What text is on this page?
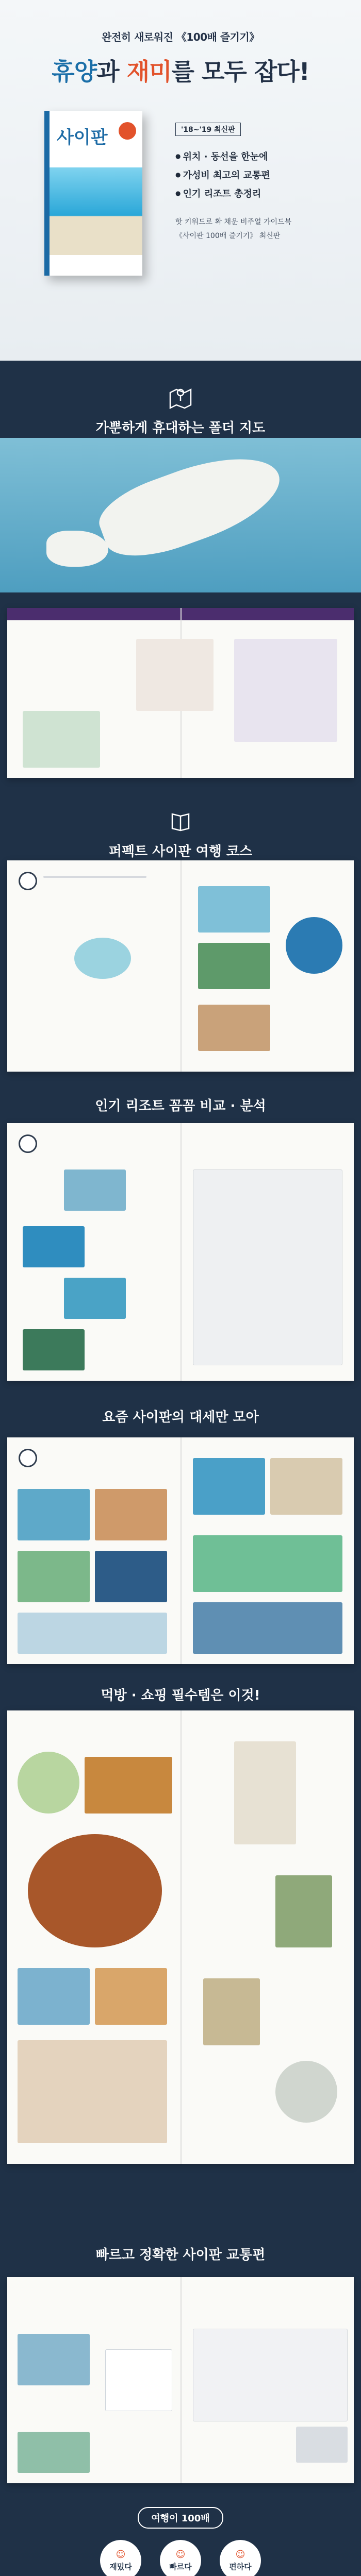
완전히 새로워진 《100배 즐기기》
휴양과 재미를 모두 잡다!
사이판	'18~'19 최신판
● 위치 · 동선을 한눈에
● 가성비 최고의 교통편
● 인기 리조트 총정리
핫 키워드로 확 채운 비주얼 가이드북
《사이판 100배 즐기기》 최신판
가뿐하게 휴대하는 폴더 지도
퍼펙트 사이판 여행 코스
인기 리조트 꼼꼼 비교 · 분석
요즘 사이판의 대세만 모아
먹방 · 쇼핑 필수템은 이것!
빠르고 정확한 사이판 교통편
여행이 100배
☺
재밌다
☺
빠르다
☺
편하다
